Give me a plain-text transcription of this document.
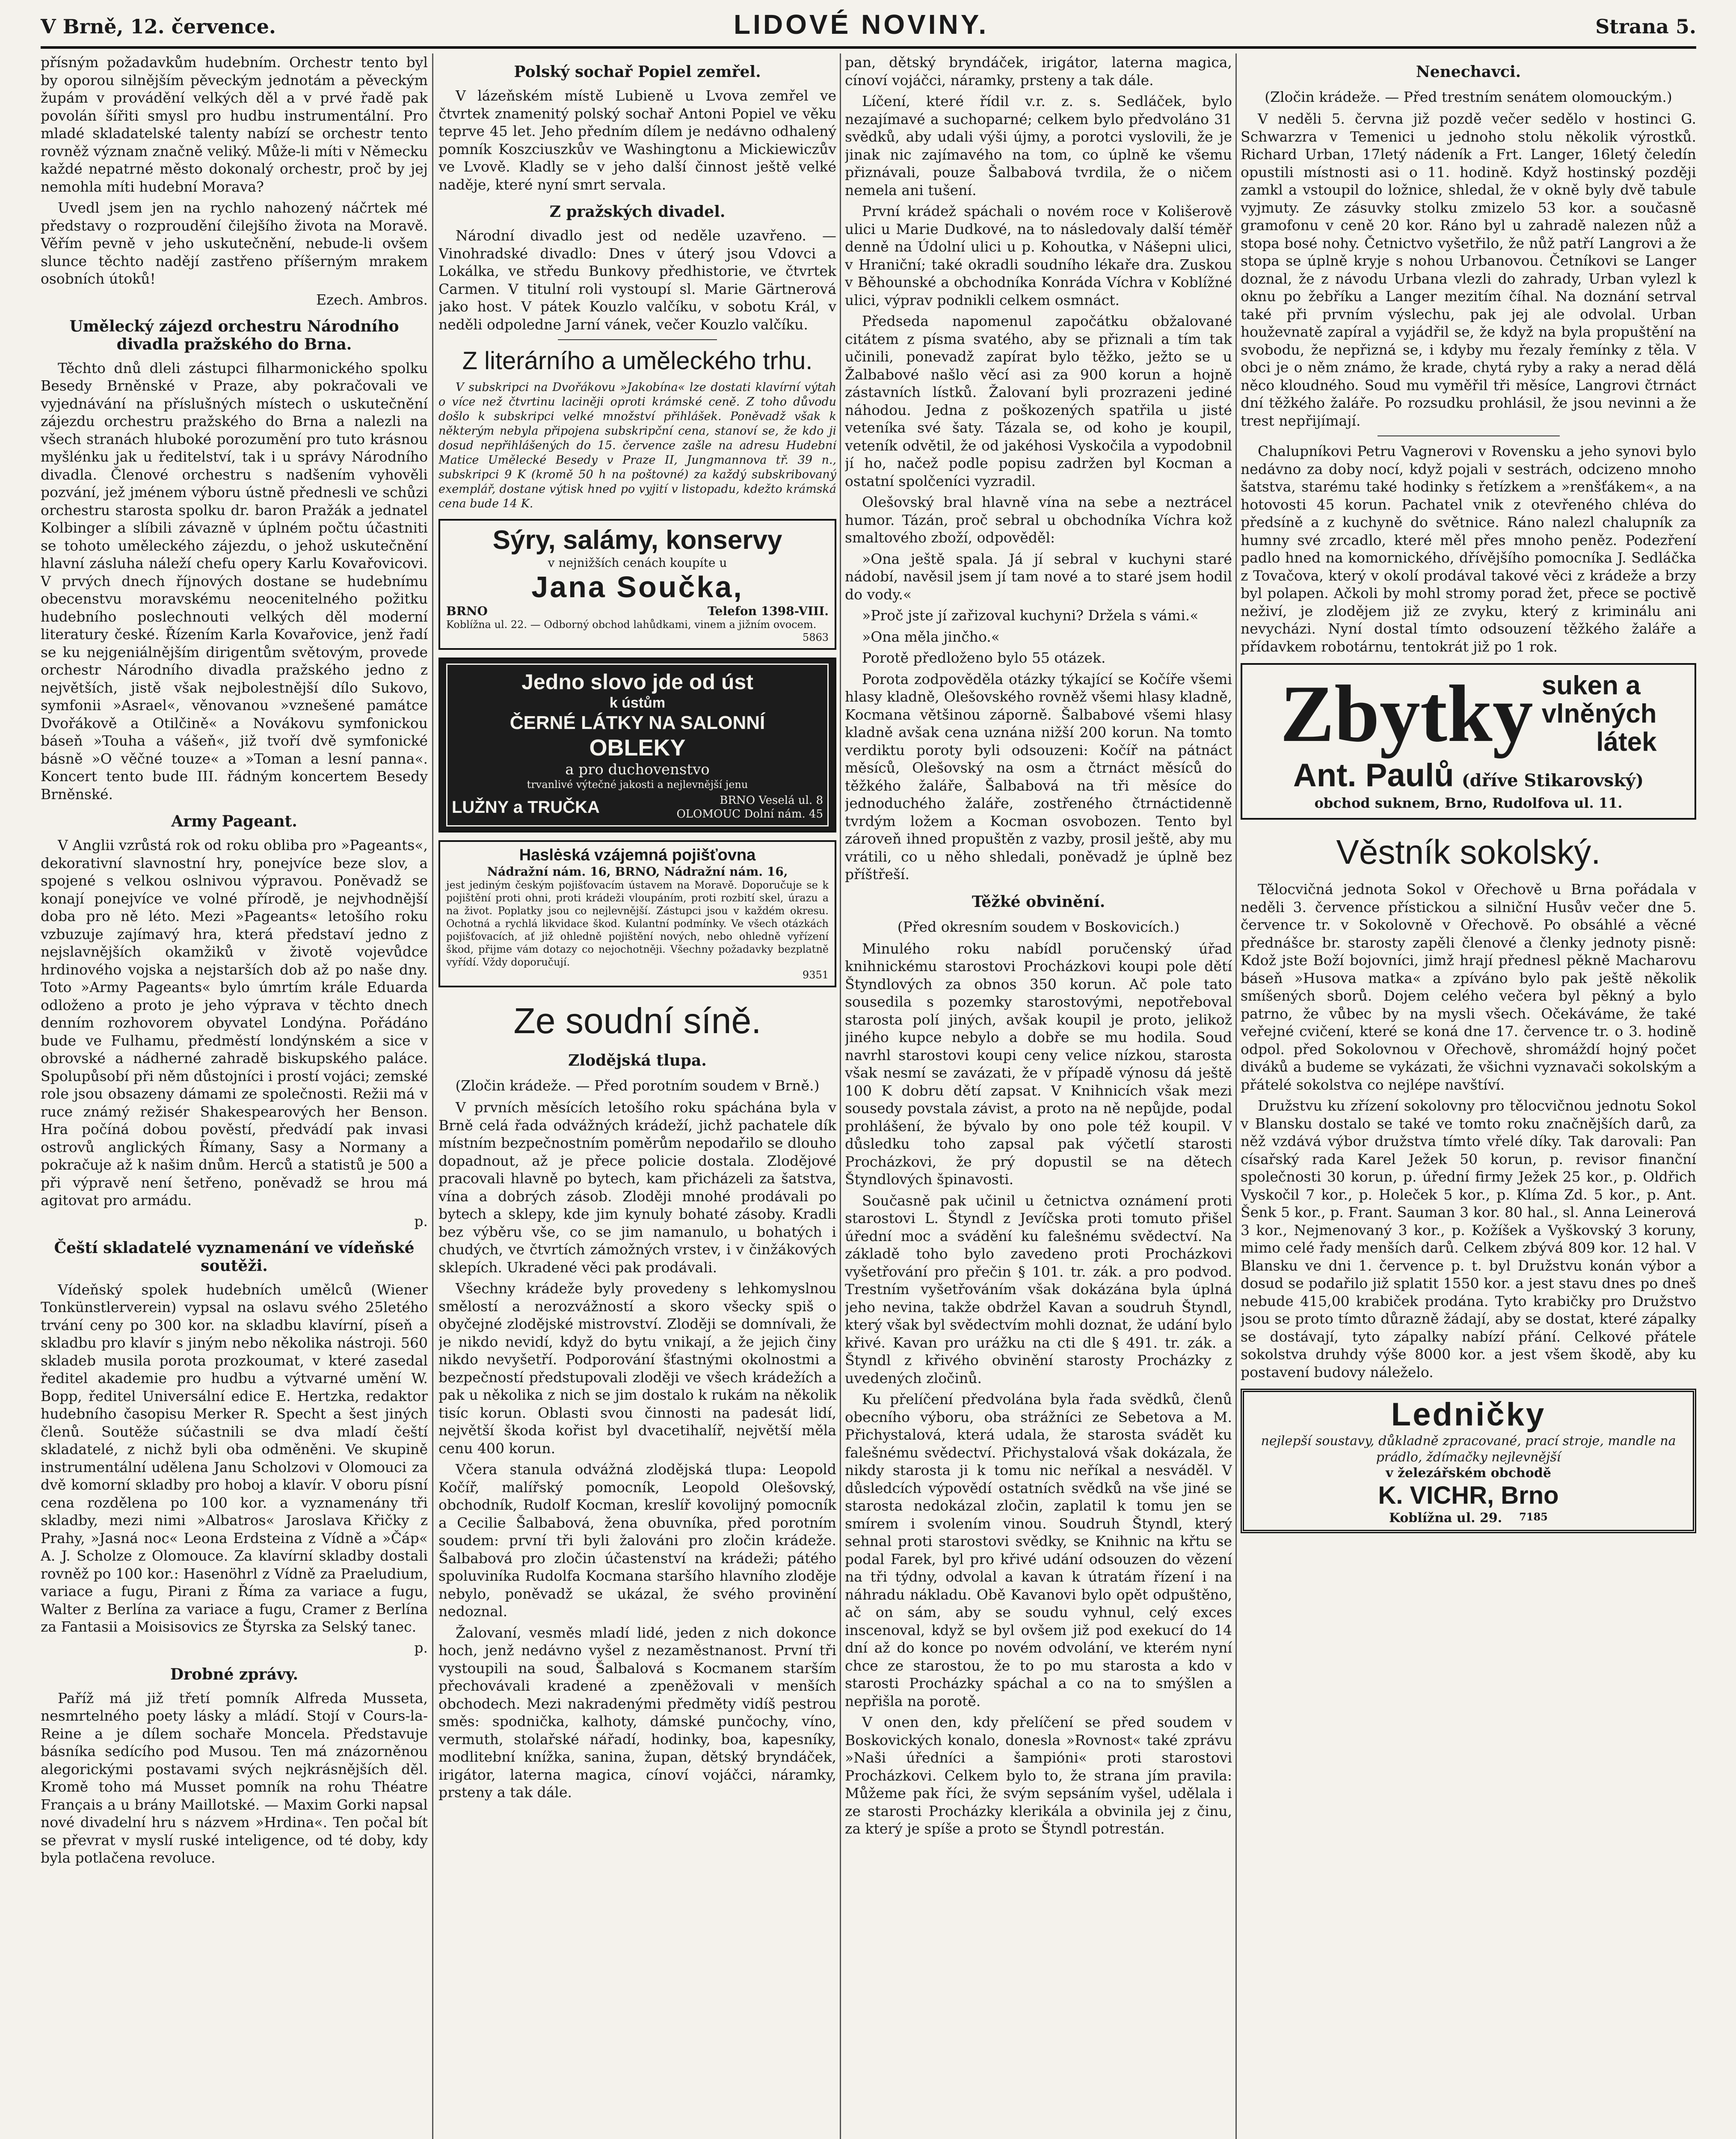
V Brně, 12. července.	LIDOVÉ NOVINY.	Strana 5.

přísným požadavkům hudebním. Orchestr tento byl by oporou silnějším pěveckým jednotám a pěveckým župám v provádění velkých děl a v prvé řadě pak povolán šířiti smysl pro hudbu instrumentální. Pro mladé skladatelské talenty nabízí se orchestr tento rovněž význam značně veliký. Může-li míti v Německu každé nepatrné město dokonalý orchestr, proč by jej nemohla míti hudební Morava?

Uvedl jsem jen na rychlo nahozený náčrtek mé představy o rozproudění čilejšího života na Moravě. Věřím pevně v jeho uskutečnění, nebude-li ovšem slunce těchto nadějí zastřeno příšerným mrakem osobních útoků!

Ezech. Ambros.
Umělecký zájezd orchestru Národního divadla pražského do Brna.

Těchto dnů dleli zástupci filharmonického spolku Besedy Brněnské v Praze, aby pokračovali ve vyjednávání na příslušných místech o uskutečnění zájezdu orchestru pražského do Brna a nalezli na všech stranách hluboké porozumění pro tuto krásnou myšlénku jak u ředitelství, tak i u správy Národního divadla. Členové orchestru s nadšením vyhověli pozvání, jež jménem výboru ústně přednesli ve schůzi orchestru starosta spolku dr. baron Pražák a jednatel Kolbinger a slíbili závazně v úplném počtu účastniti se tohoto uměleckého zájezdu, o jehož uskutečnění hlavní zásluha náleží chefu opery Karlu Kovařovicovi. V prvých dnech říjnových dostane se hudebnímu obecenstvu moravskému neocenitelného požitku hudebního poslechnouti velkých děl moderní literatury české. Řízením Karla Kovařovice, jenž řadí se ku nejgeniálnějším dirigentům světovým, provede orchestr Národního divadla pražského jedno z největších, jistě však nejbolestnější dílo Sukovo, symfonii »Asrael«, věnovanou »vznešené památce Dvořákově a Otilčině« a Novákovu symfonickou báseň »Touha a vášeň«, již tvoří dvě symfonické básně »O věčné touze« a »Toman a lesní panna«. Koncert tento bude III. řádným koncertem Besedy Brněnské.

Army Pageant.

V Anglii vzrůstá rok od roku obliba pro »Pageants«, dekorativní slavnostní hry, ponejvíce beze slov, a spojené s velkou oslnivou výpravou. Poněvadž se konají ponejvíce ve volné přírodě, je nejvhodnější doba pro ně léto. Mezi »Pageants« letošího roku vzbuzuje zajímavý hra, která představí jedno z nejslavnějších okamžiků v životě vojevůdce hrdinového vojska a nejstarších dob až po naše dny. Toto »Army Pageants« bylo úmrtím krále Eduarda odloženo a proto je jeho výprava v těchto dnech denním rozhovorem obyvatel Londýna. Pořádáno bude ve Fulhamu, předměstí londýnském a sice v obrovské a nádherné zahradě biskupského paláce. Spolupůsobí při něm důstojníci i prostí vojáci; zemské role jsou obsazeny dámami ze společnosti. Režii má v ruce známý režisér Shakespearových her Benson. Hra počíná dobou pověstí, předvádí pak invasi ostrovů anglických Římany, Sasy a Normany a pokračuje až k našim dnům. Herců a statistů je 500 a při výpravě není šetřeno, poněvadž se hrou má agitovat pro armádu.

p.
Čeští skladatelé vyznamenání ve vídeňské soutěži.

Vídeňský spolek hudebních umělců (Wiener Tonkünstlerverein) vypsal na oslavu svého 25letého trvání ceny po 300 kor. na skladbu klavírní, píseň a skladbu pro klavír s jiným nebo několika nástroji. 560 skladeb musila porota prozkoumat, v které zasedal ředitel akademie pro hudbu a výtvarné umění W. Bopp, ředitel Universální edice E. Hertzka, redaktor hudebního časopisu Merker R. Specht a šest jiných členů. Soutěže súčastnili se dva mladí čeští skladatelé, z nichž byli oba odměněni. Ve skupině instrumentální udělena Janu Scholzovi v Olomouci za dvě komorní skladby pro hoboj a klavír. V oboru písní cena rozdělena po 100 kor. a vyznamenány tři skladby, mezi nimi »Albatros« Jaroslava Křičky z Prahy, »Jasná noc« Leona Erdsteina z Vídně a »Čáp« A. J. Scholze z Olomouce. Za klavírní skladby dostali rovněž po 100 kor.: Hasenöhrl z Vídně za Praeludium, variace a fugu, Pirani z Říma za variace a fugu, Walter z Berlína za variace a fugu, Cramer z Berlína za Fantasii a Moisisovics ze Štyrska za Selský tanec.

p.
Drobné zprávy.

Paříž má již třetí pomník Alfreda Musseta, nesmrtelného poety lásky a mládí. Stojí v Cours-la-Reine a je dílem sochaře Moncela. Představuje básníka sedícího pod Musou. Ten má znázorněnou alegorickými postavami svých nejkrásnějších děl. Kromě toho má Musset pomník na rohu Théatre Français a u brány Maillotské. — Maxim Gorki napsal nové divadelní hru s názvem »Hrdina«. Ten počal bít se převrat v myslí ruské inteligence, od té doby, kdy byla potlačena revoluce.

Polský sochař Popiel zemřel.

V lázeňském místě Lubieně u Lvova zemřel ve čtvrtek znamenitý polský sochař Antoni Popiel ve věku teprve 45 let. Jeho předním dílem je nedávno odhalený pomník Koszciuszkův ve Washingtonu a Mickiewiczův ve Lvově. Kladly se v jeho další činnost ještě velké naděje, které nyní smrt servala.

Z pražských divadel.

Národní divadlo jest od neděle uzavřeno. — Vinohradské divadlo: Dnes v úterý jsou Vdovci a Lokálka, ve středu Bunkovy předhistorie, ve čtvrtek Carmen. V titulní roli vystoupí sl. Marie Gärtnerová jako host. V pátek Kouzlo valčíku, v sobotu Král, v neděli odpoledne Jarní vánek, večer Kouzlo valčíku.

Z literárního a uměleckého trhu.
V subskripci na Dvořákovu »Jakobína« lze dostati klavírní výtah o více než čtvrtinu laciněji oproti krámské ceně. Z toho důvodu došlo k subskripci velké množství přihlášek. Poněvadž však k některým nebyla připojena subskripční cena, stanoví se, že kdo ji dosud nepřihlášených do 15. července zašle na adresu Hudební Matice Umělecké Besedy v Praze II, Jungmannova tř. 39 n., subskripci 9 K (kromě 50 h na poštovné) za každý subskribovaný exemplář, dostane výtisk hned po vyjití v listopadu, kdežto krámská cena bude 14 K.
Sýry, salámy, konservy
v nejnižších cenách koupíte u
Jana Součka,
BRNO	Telefon 1398-VIII.
Koblížna ul. 22. — Odborný obchod lahůdkami, vinem a jižním ovocem.
5863
Jedno slovo jde od úst
k ústům
ČERNÉ LÁTKY NA SALONNÍ
OBLEKY
a pro duchovenstvo
trvanlivé výtečné jakosti a nejlevnější jenu
LUŽNY a TRUČKA	BRNO Veselá ul. 8
OLOMOUC Dolní nám. 45
Haslėská vzájemná pojišťovna
Nádražní nám. 16, BRNO, Nádražní nám. 16,
jest jediným českým pojišťovacím ústavem na Moravě. Doporučuje se k pojištění proti ohni, proti krádeži vloupáním, proti rozbití skel, úrazu a na život. Poplatky jsou co nejlevnější. Zástupci jsou v každém okresu. Ochotná a rychlá likvidace škod. Kulantní podmínky. Ve všech otázkách pojišťovacích, ať již ohledně pojištění nových, nebo ohledně vyřízení škod, přijme vám dotazy co nejochotněji. Všechny požadavky bezplatně vyřídí. Vždy doporučují.
9351
Ze soudní síně.
Zlodějská tlupa.
(Zločin krádeže. — Před porotním soudem v Brně.)

V prvních měsících letošího roku spáchána byla v Brně celá řada odvážných krádeží, jichž pachatele dík místním bezpečnostním poměrům nepodařilo se dlouho dopadnout, až je přece policie dostala. Zlodějové pracovali hlavně po bytech, kam přicházeli za šatstva, vína a dobrých zásob. Zloději mnohé prodávali po bytech a sklepy, kde jim kynuly bohaté zásoby. Kradli bez výběru vše, co se jim namanulo, u bohatých i chudých, ve čtvrtích zámožných vrstev, i v činžákových sklepích. Ukradené věci pak prodávali.

Všechny krádeže byly provedeny s lehkomyslnou smělostí a nerozvážností a skoro všecky spiš o obyčejné zlodějské mistrovství. Zloději se domnívali, že je nikdo nevidí, když do bytu vnikají, a že jejich činy nikdo nevyšetří. Podporování šťastnými okolnostmi a bezpečností předstupovali zloději ve všech krádežích a pak u několika z nich se jim dostalo k rukám na několik tisíc korun. Oblasti svou činnosti na padesát lidí, největší škoda kořist byl dvacetihalíř, největší měla cenu 400 korun.

Včera stanula odvážná zlodějská tlupa: Leopold Kočíř, malířský pomocník, Leopold Olešovský, obchodník, Rudolf Kocman, kreslíř kovolijný pomocník a Cecilie Šalbabová, žena obuvníka, před porotním soudem: první tři byli žalováni pro zločin krádeže. Šalbabová pro zločin účastenství na krádeži; pátého spoluviníka Rudolfa Kocmana staršího hlavního zloděje nebylo, poněvadž se ukázal, že svého provinění nedoznal.

Žalovaní, vesměs mladí lidé, jeden z nich dokonce hoch, jenž nedávno vyšel z nezaměstnanost. První tři vystoupili na soud, Šalbalová s Kocmanem starším přechovávali kradené a zpeněžovali v menších obchodech. Mezi nakradenými předměty vidíš pestrou směs: spodnička, kalhoty, dámské punčochy, víno, vermuth, stolařské nářadí, hodinky, boa, kapesníky, modlitební knížka, sanina, župan, dětský bryndáček, irigátor, laterna magica, cínoví vojáčci, náramky, prsteny a tak dále.

pan, dětský bryndáček, irigátor, laterna magica, cínoví vojáčci, náramky, prsteny a tak dále.

Líčení, které řídil v.r. z. s. Sedláček, bylo nezajímavé a suchoparné; celkem bylo předvoláno 31 svědků, aby udali výši újmy, a porotci vyslovili, že je jinak nic zajímavého na tom, co úplně ke všemu přiznávali, pouze Šalbabová tvrdila, že o ničem nemela ani tušení.

První krádež spáchali o novém roce v Kolišerově ulici u Marie Dudkové, na to následovaly další téměř denně na Údolní ulici u p. Kohoutka, v Nášepni ulici, v Hraniční; také okradli soudního lékaře dra. Zuskou v Běhounské a obchodníka Konráda Víchra v Koblížné ulici, výprav podnikli celkem osmnáct.

Předseda napomenul započátku obžalované citátem z písma svatého, aby se přiznali a tím tak učinili, ponevadž zapírat bylo těžko, ježto se u Žalbabové našlo věcí asi za 900 korun a hojně zástavních lístků. Žalovaní byli prozrazeni jediné náhodou. Jedna z poškozených spatřila u jisté veteníka své šaty. Tázala se, od koho je koupil, veteník odvětil, že od jakéhosi Vyskočila a vypodobnil jí ho, načež podle popisu zadržen byl Kocman a ostatní spolčeníci vyzradil.

Olešovský bral hlavně vína na sebe a neztrácel humor. Tázán, proč sebral u obchodníka Víchra kož smaltového zboží, odpověděl:

»Ona ještě spala. Já jí sebral v kuchyni staré nádobí, navěsil jsem jí tam nové a to staré jsem hodil do vody.«

»Proč jste jí zařizoval kuchyni? Držela s vámi.«

»Ona měla jinčho.«

Porotě předloženo bylo 55 otázek.

Porota zodpověděla otázky týkající se Kočíře všemi hlasy kladně, Olešovského rovněž všemi hlasy kladně, Kocmana většinou záporně. Šalbabové všemi hlasy kladně avšak cena uznána nižší 200 korun. Na tomto verdiktu poroty byli odsouzeni: Kočíř na pátnáct měsíců, Olešovský na osm a čtrnáct měsíců do těžkého žaláře, Šalbabová na tři měsíce do jednoduchého žaláře, zostřeného čtrnáctidenně tvrdým ložem a Kocman osvobozen. Tento byl zároveň ihned propuštěn z vazby, prosil ještě, aby mu vrátili, co u něho shledali, poněvadž je úplně bez příštřeší.

Těžké obvinění.
(Před okresním soudem v Boskovicích.)

Minulého roku nabídl poručenský úřad knihnickému starostovi Procházkovi koupi pole dětí Štyndlových za obnos 350 korun. Ač pole tato sousedila s pozemky starostovými, nepotřeboval starosta polí jiných, avšak koupil je proto, jelikož jiného kupce nebylo a dobře se mu hodila. Soud navrhl starostovi koupi ceny velice nízkou, starosta však nesmí se zavázati, že v případě výnosu dá ještě 100 K dobru dětí zapsat. V Knihnicích však mezi sousedy povstala závist, a proto na ně nepůjde, podal prohlášení, že bývalo by ono pole též koupil. V důsledku toho zapsal pak výčetlí starosti Procházkovi, že prý dopustil se na dětech Štyndlových špinavosti.

Současně pak učinil u četnictva oznámení proti starostovi L. Štyndl z Jevíčska proti tomuto přišel úřední moc a svádění ku falešnému svědectví. Na základě toho bylo zavedeno proti Procházkovi vyšetřování pro přečin § 101. tr. zák. a pro podvod. Trestním vyšetřováním však dokázána byla úplná jeho nevina, takže obdržel Kavan a soudruh Štyndl, který však byl svědectvím mohli doznat, že udání bylo křivé. Kavan pro urážku na cti dle § 491. tr. zák. a Štyndl z křivého obvinění starosty Procházky z uvedených zločinů.

Ku přelíčení předvolána byla řada svědků, členů obecního výboru, oba strážníci ze Sebetova a M. Přichystalová, která udala, že starosta svádět ku falešnému svědectví. Přichystalová však dokázala, že nikdy starosta ji k tomu nic neříkal a nesváděl. V důsledcích výpovědí ostatních svědků na vše jiné se starosta nedokázal zločin, zaplatil k tomu jen se smírem i svolením vinou. Soudruh Štyndl, který sehnal proti starostovi svědky, se Knihnic na křtu se podal Farek, byl pro křivé udání odsouzen do vězení na tři týdny, odvolal a kavan k útratám řízení i na náhradu nákladu. Obě Kavanovi bylo opět odpuštěno, ač on sám, aby se soudu vyhnul, celý exces inscenoval, když se byl ovšem již pod exekucí do 14 dní až do konce po novém odvolání, ve kterém nyní chce ze starostou, že to po mu starosta a kdo v starosti Procházky spáchal a co na to smýšlen a nepřišla na porotě.

V onen den, kdy přelíčení se před soudem v Boskovických konalo, donesla »Rovnost« také zprávu »Naši úředníci a šampióni« proti starostovi Procházkovi. Celkem bylo to, že strana jím pravila: Můžeme pak říci, že svým sepsáním vyšel, udělala i ze starosti Procházky klerikála a obvinila jej z činu, za který je spíše a proto se Štyndl potrestán.

Nenechavci.
(Zločin krádeže. — Před trestním senátem olomouckým.)

V neděli 5. června již pozdě večer sedělo v hostinci G. Schwarzra v Temenici u jednoho stolu několik výrostků. Richard Urban, 17letý nádeník a Frt. Langer, 16letý čeledín opustili místnosti asi o 11. hodině. Když hostinský později zamkl a vstoupil do ložnice, shledal, že v okně byly dvě tabule vyjmuty. Ze zásuvky stolku zmizelo 53 kor. a současně gramofonu v ceně 20 kor. Ráno byl u zahradě nalezen nůž a stopa bosé nohy. Četnictvo vyšetřilo, že nůž patří Langrovi a že stopa se úplně kryje s nohou Urbanovou. Četníkovi se Langer doznal, že z návodu Urbana vlezli do zahrady, Urban vylezl k oknu po žebříku a Langer mezitím číhal. Na doznání setrval také při prvním výslechu, pak jej ale odvolal. Urban houževnatě zapíral a vyjádřil se, že když na byla propuštění na svobodu, že nepřizná se, i kdyby mu řezaly řemínky z těla. V obci je o něm známo, že krade, chytá ryby a raky a nerad dělá něco kloudného. Soud mu vyměřil tři měsíce, Langrovi čtrnáct dní těžkého žaláře. Po rozsudku prohlásil, že jsou nevinni a že trest nepřijímají.

Chalupníkovi Petru Vagnerovi v Rovensku a jeho synovi bylo nedávno za doby nocí, když pojali v sestrách, odcizeno mnoho šatstva, starému také hodinky s řetízkem a »renšťákem«, a na hotovosti 45 korun. Pachatel vnik z otevřeného chléva do předsíně a z kuchyně do světnice. Ráno nalezl chalupník za humny své zrcadlo, které měl přes mnoho peněz. Podezření padlo hned na komornického, dřívějšího pomocníka J. Sedláčka z Tovačova, který v okolí prodával takové věci z krádeže a brzy byl polapen. Ačkoli by mohl stromy porad žet, přece se poctivě neživí, je zlodějem již ze zvyku, který z kriminálu ani nevycházi. Nyní dostal tímto odsouzení těžkého žaláře a přídavkem robotárnu, tentokrát již po 1 rok.

Zbytky suken a
vlněných
látek
Ant. Paulů (dříve Stikarovský)
obchod suknem, Brno, Rudolfova ul. 11.
Věstník sokolský.

Tělocvičná jednota Sokol v Ořechově u Brna pořádala v neděli 3. července přístickou a silniční Husův večer dne 5. července tr. v Sokolovně v Ořechově. Po obsáhlé a věcné přednášce br. starosty zapěli členové a členky jednoty pisně: Kdož jste Boží bojovníci, jimž hrají přednesl pěkně Macharovu báseň »Husova matka« a zpíváno bylo pak ještě několik smíšených sborů. Dojem celého večera byl pěkný a bylo patrno, že vůbec by na mysli všech. Očekáváme, že také veřejné cvičení, které se koná dne 17. července tr. o 3. hodině odpol. před Sokolovnou v Ořechově, shromáždí hojný počet diváků a budeme se vykázati, že všichni vyznavači sokolským a přátelé sokolstva co nejlépe navštíví.

Družstvu ku zřízení sokolovny pro tělocvičnou jednotu Sokol v Blansku dostalo se také ve tomto roku značnějších darů, za něž vzdává výbor družstva tímto vřelé díky. Tak darovali: Pan císařský rada Karel Ježek 50 korun, p. revisor finanční společnosti 30 korun, p. úřední firmy Ježek 25 kor., p. Oldřich Vyskočil 7 kor., p. Holeček 5 kor., p. Klíma Zd. 5 kor., p. Ant. Šenk 5 kor., p. Frant. Sauman 3 kor. 80 hal., sl. Anna Leinerová 3 kor., Nejmenovaný 3 kor., p. Kožíšek a Vyškovský 3 koruny, mimo celé řady menších darů. Celkem zbývá 809 kor. 12 hal. V Blansku ve dni 1. července p. t. byl Družstvu konán výbor a dosud se podařilo již splatit 1550 kor. a jest stavu dnes po dneš nebude 415,00 krabiček prodána. Tyto krabičky pro Družstvo jsou se proto tímto důrazně žádají, aby se dostat, které zápalky se dostávají, tyto zápalky nabízí přání. Celkové přátele sokolstva druhdy výše 8000 kor. a jest všem škodě, aby ku postavení budovy náleželo.

Ledničky
nejlepší soustavy, důkladně zpracované, prací stroje, mandle na prádlo, ždímačky nejlevnější
v železářském obchodě
K. VICHR, Brno
Koblížna ul. 29. 7185
